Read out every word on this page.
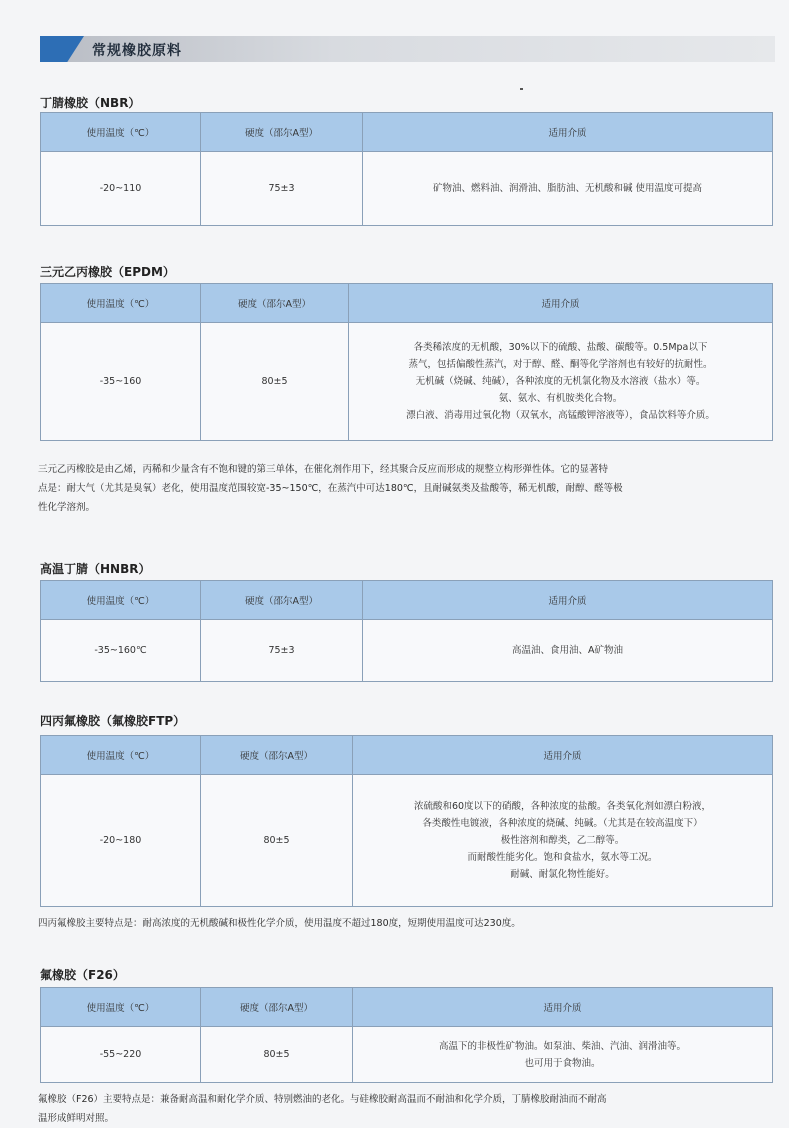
常规橡胶原料
丁腈橡胶（NBR）
使用温度（℃）	硬度（邵尔A型）	适用介质
-20~110	75±3	矿物油、燃料油、润滑油、脂肪油、无机酸和碱 使用温度可提高
三元乙丙橡胶（EPDM）
使用温度（℃）	硬度（邵尔A型）	适用介质
-35~160	80±5	各类稀浓度的无机酸，30%以下的硫酸、盐酸、碳酸等。0.5Mpa以下
蒸气，包括偏酸性蒸汽，对于醇、醛、酮等化学溶剂也有较好的抗耐性。
无机碱（烧碱、纯碱），各种浓度的无机氯化物及水溶液（盐水）等。
氨、氨水、有机胺类化合物。
漂白液、消毒用过氧化物（双氧水，高锰酸钾溶液等），食品饮料等介质。
三元乙丙橡胶是由乙烯，丙稀和少量含有不饱和键的第三单体，在催化剂作用下，经其聚合反应而形成的规整立构形弹性体。它的显著特
点是：耐大气（尤其是臭氧）老化，使用温度范围较宽-35~150℃，在蒸汽中可达180℃，且耐碱氨类及盐酸等，稀无机酸，耐醇、醛等极
性化学溶剂。
高温丁腈（HNBR）
使用温度（℃）	硬度（邵尔A型）	适用介质
-35~160℃	75±3	高温油、食用油、A矿物油
四丙氟橡胶（氟橡胶FTP）
使用温度（℃）	硬度（邵尔A型）	适用介质
-20~180	80±5	浓硫酸和60度以下的硝酸，各种浓度的盐酸。各类氧化剂如漂白粉液，
各类酸性电镀液，各种浓度的烧碱、纯碱。（尤其是在较高温度下）
极性溶剂和醇类，乙二醇等。
而耐酸性能劣化。饱和食盐水，氨水等工况。
耐碱、耐氯化物性能好。
四丙氟橡胶主要特点是：耐高浓度的无机酸碱和极性化学介质，使用温度不超过180度，短期使用温度可达230度。
氟橡胶（F26）
使用温度（℃）	硬度（邵尔A型）	适用介质
-55~220	80±5	高温下的非极性矿物油。如泵油、柴油、汽油、润滑油等。
也可用于食物油。
氟橡胶（F26）主要特点是：兼备耐高温和耐化学介质、特别燃油的老化。与硅橡胶耐高温而不耐油和化学介质，丁腈橡胶耐油而不耐高
温形成鲜明对照。
